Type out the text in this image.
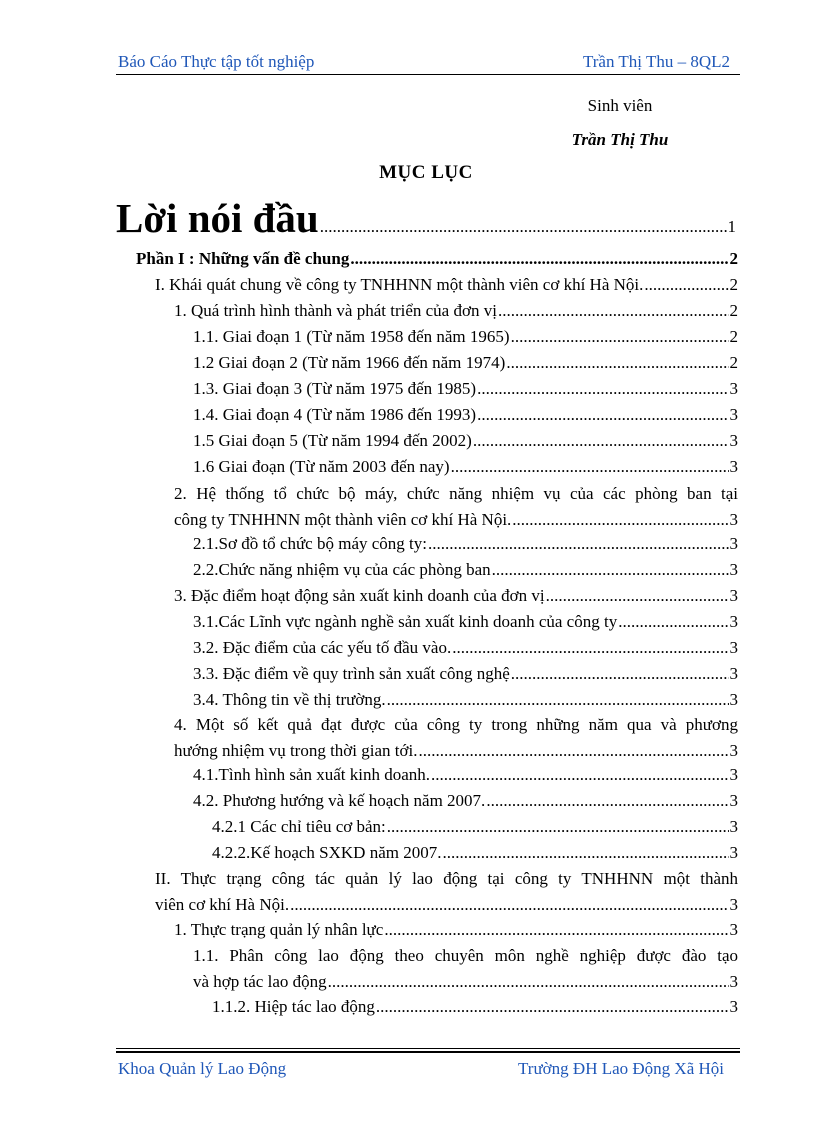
Báo Cáo Thực tập tốt nghiệp	Trần Thị Thu – 8QL2
Sinh viên
Trần Thị Thu
MỤC LỤC
Lời nói đầu .....	1
Phần I : Những vấn đề chung .....	2
I. Khái quát chung về công ty TNHHNN một thành viên cơ khí Hà Nội. .....	2
1. Quá trình hình thành và phát triển của đơn vị .....	2
1.1. Giai đoạn 1 (Từ năm 1958 đến năm 1965) .....	2
1.2 Giai đoạn 2 (Từ năm 1966 đến năm 1974) .....	2
1.3. Giai đoạn 3 (Từ năm 1975 đến 1985) .....	3
1.4. Giai đoạn 4 (Từ năm 1986 đến 1993) .....	3
1.5 Giai đoạn 5 (Từ năm 1994 đến 2002) .....	3
1.6 Giai đoạn (Từ năm 2003 đến nay) .....	3
2. Hệ thống tổ chức bộ máy, chức năng nhiệm vụ của các phòng ban tại
công ty TNHHNN một thành viên cơ khí Hà Nội. .....	3
2.1.Sơ đồ tổ chức bộ máy công ty: .....	3
2.2.Chức năng nhiệm vụ của các phòng ban .....	3
3. Đặc điểm hoạt động sản xuất kinh doanh của đơn vị .....	3
3.1.Các Lĩnh vực ngành nghề sản xuất kinh doanh của công ty .....	3
3.2. Đặc điểm của các yếu tố đầu vào. .....	3
3.3. Đặc điểm về quy trình sản xuất công nghệ .....	3
3.4. Thông tin về thị trường. .....	3
4. Một số kết quả đạt được của công ty trong những năm qua và phương
hướng nhiệm vụ trong thời gian tới. .....	3
4.1.Tình hình sản xuất kinh doanh. .....	3
4.2. Phương hướng và kế hoạch năm 2007. .....	3
4.2.1 Các chỉ tiêu cơ bản: .....	3
4.2.2.Kế hoạch SXKD năm 2007. .....	3
II. Thực trạng công tác quản lý lao động tại công ty TNHHNN một thành
viên cơ khí Hà Nội. .....	3
1. Thực trạng quản lý nhân lực .....	3
1.1. Phân công lao động theo chuyên môn nghề nghiệp được đào tạo
và hợp tác lao động .....	3
1.1.2. Hiệp tác lao động .....	3
Khoa Quản lý Lao Động	Trường ĐH Lao Động Xã Hội
